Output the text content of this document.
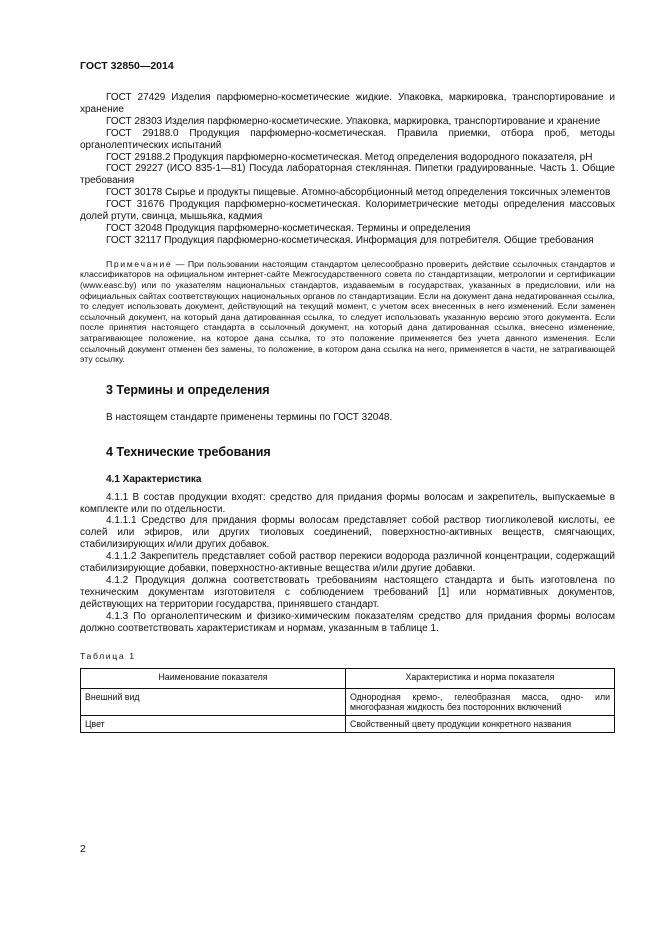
ГОСТ 32850—2014

ГОСТ 27429 Изделия парфюмерно-косметические жидкие. Упаковка, маркировка, транспортирование и хранение

ГОСТ 28303 Изделия парфюмерно-косметические. Упаковка, маркировка, транспортирование и хранение

ГОСТ 29188.0 Продукция парфюмерно-косметическая. Правила приемки, отбора проб, методы органолептических испытаний

ГОСТ 29188.2 Продукция парфюмерно-косметическая. Метод определения водородного показателя, рН

ГОСТ 29227 (ИСО 835-1—81) Посуда лабораторная стеклянная. Пипетки градуированные. Часть 1. Общие требования

ГОСТ 30178 Сырье и продукты пищевые. Атомно-абсорбционный метод определения токсичных элементов

ГОСТ 31676 Продукция парфюмерно-косметическая. Колориметрические методы определения массовых долей ртути, свинца, мышьяка, кадмия

ГОСТ 32048 Продукция парфюмерно-косметическая. Термины и определения

ГОСТ 32117 Продукция парфюмерно-косметическая. Информация для потребителя. Общие требования

Примечание — При пользовании настоящим стандартом целесообразно проверить действие ссылочных стандартов и классификаторов на официальном интернет-сайте Межгосударственного совета по стандартизации, метрологии и сертификации (www.easc.by) или по указателям национальных стандартов, издаваемым в государствах, указанных в предисловии, или на официальных сайтах соответствующих национальных органов по стандартизации. Если на документ дана недатированная ссылка, то следует использовать документ, действующий на текущий момент, с учетом всех внесенных в него изменений. Если заменен ссылочный документ, на который дана датированная ссылка, то следует использовать указанную версию этого документа. Если после принятия настоящего стандарта в ссылочный документ, на который дана датированная ссылка, внесено изменение, затрагивающее положение, на которое дана ссылка, то это положение применяется без учета данного изменения. Если ссылочный документ отменен без замены, то положение, в котором дана ссылка на него, применяется в части, не затрагивающей эту ссылку.

3 Термины и определения

В настоящем стандарте применены термины по ГОСТ 32048.

4 Технические требования
4.1 Характеристика

4.1.1 В состав продукции входят: средство для придания формы волосам и закрепитель, выпускаемые в комплекте или по отдельности.

4.1.1.1 Средство для придания формы волосам представляет собой раствор тиогликолевой кислоты, ее солей или эфиров, или других тиоловых соединений, поверхностно-активных веществ, смягчающих, стабилизирующих и/или других добавок.

4.1.1.2 Закрепитель представляет собой раствор перекиси водорода различной концентрации, содержащий стабилизирующие добавки, поверхностно-активные вещества и/или другие добавки.

4.1.2 Продукция должна соответствовать требованиям настоящего стандарта и быть изготовлена по техническим документам изготовителя с соблюдением требований [1] или нормативных документов, действующих на территории государства, принявшего стандарт.

4.1.3 По органолептическим и физико-химическим показателям средство для придания формы волосам должно соответствовать характеристикам и нормам, указанным в таблице 1.

Таблица 1
Наименование показателя	Характеристика и норма показателя
Внешний вид	Однородная кремо-, гелеобразная масса, одно- или многофазная жидкость без посторонних включений
Цвет	Свойственный цвету продукции конкретного названия
2
